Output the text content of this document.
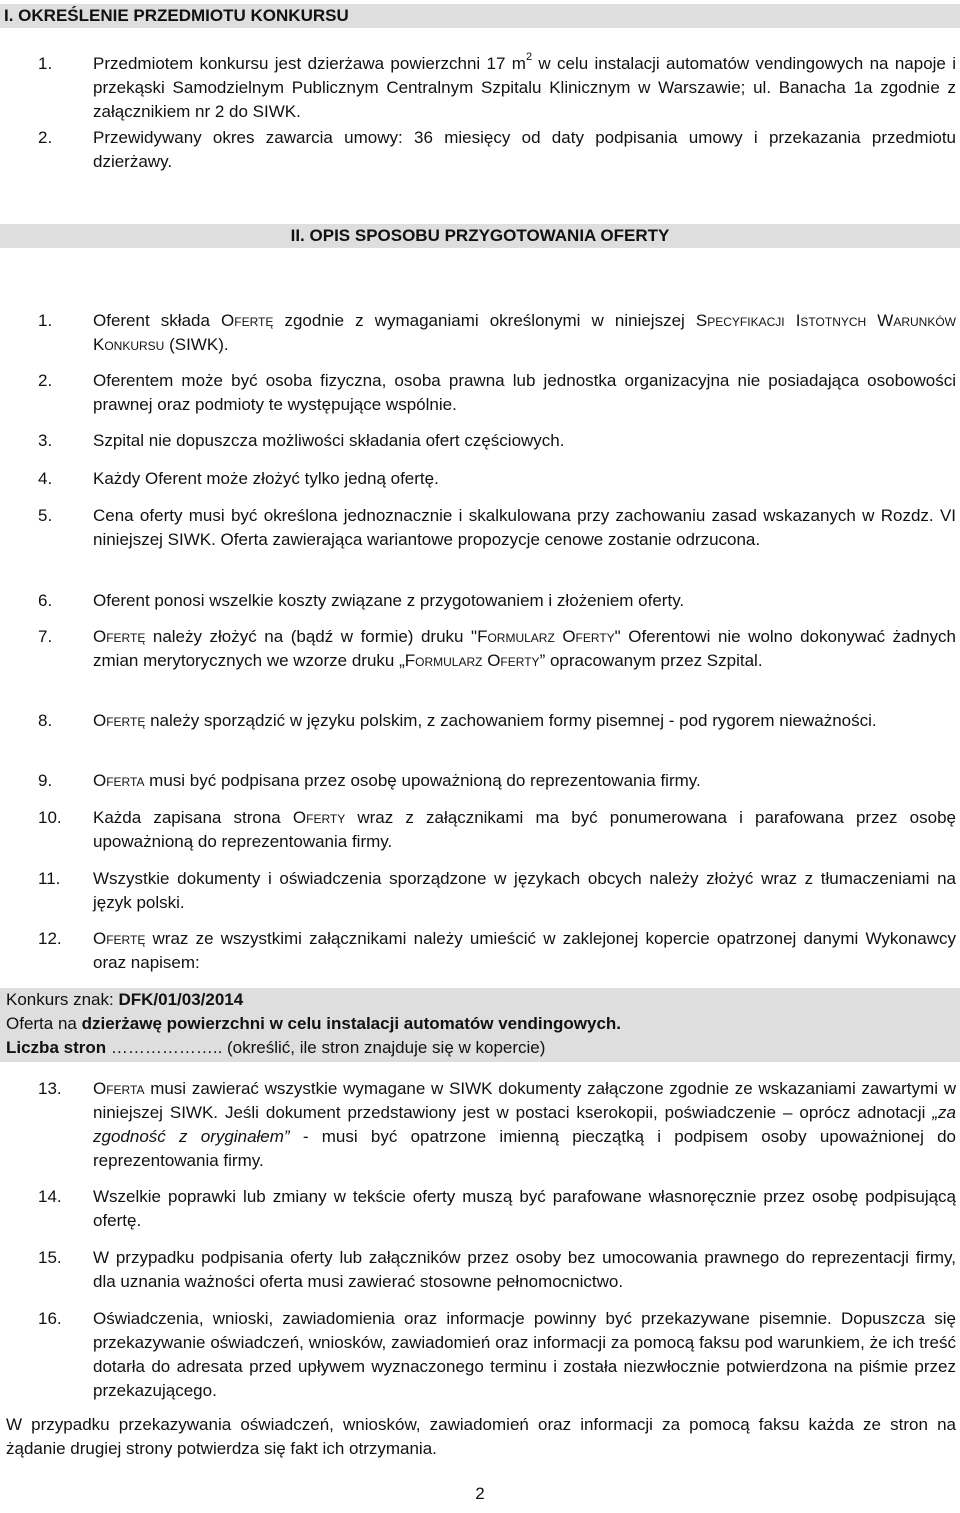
I. OKREŚLENIE PRZEDMIOTU KONKURSU
1. Przedmiotem konkursu jest dzierżawa powierzchni 17 $m^2$ w celu instalacji automatów vendingowych na napoje i przekąski Samodzielnym Publicznym Centralnym Szpitalu Klinicznym w Warszawie; ul. Banacha 1a zgodnie z załącznikiem nr 2 do SIWK.
2. Przewidywany okres zawarcia umowy: 36 miesięcy od daty podpisania umowy i przekazania przedmiotu dzierżawy.
II. OPIS SPOSOBU PRZYGOTOWANIA OFERTY
1. Oferent składa Ofertę zgodnie z wymaganiami określonymi w niniejszej Specyfikacji Istotnych Warunków Konkursu (SIWK).
2. Oferentem może być osoba fizyczna, osoba prawna lub jednostka organizacyjna nie posiadająca osobowości prawnej oraz podmioty te występujące wspólnie.
3. Szpital nie dopuszcza możliwości składania ofert częściowych.
4. Każdy Oferent może złożyć tylko jedną ofertę.
5. Cena oferty musi być określona jednoznacznie i skalkulowana przy zachowaniu zasad wskazanych w Rozdz. VI niniejszej SIWK. Oferta zawierająca wariantowe propozycje cenowe zostanie odrzucona.
6. Oferent ponosi wszelkie koszty związane z przygotowaniem i złożeniem oferty.
7. Ofertę należy złożyć na (bądź w formie) druku "Formularz Oferty" Oferentowi nie wolno dokonywać żadnych zmian merytorycznych we wzorze druku „Formularz Oferty” opracowanym przez Szpital.
8. Ofertę należy sporządzić w języku polskim, z zachowaniem formy pisemnej - pod rygorem nieważności.
9. Oferta musi być podpisana przez osobę upoważnioną do reprezentowania firmy.
10. Każda zapisana strona Oferty wraz z załącznikami ma być ponumerowana i parafowana przez osobę upoważnioną do reprezentowania firmy.
11. Wszystkie dokumenty i oświadczenia sporządzone w językach obcych należy złożyć wraz z tłumaczeniami na język polski.
12. Ofertę wraz ze wszystkimi załącznikami należy umieścić w zaklejonej kopercie opatrzonej danymi Wykonawcy oraz napisem:
Konkurs znak: DFK/01/03/2014
Oferta na dzierżawę powierzchni w celu instalacji automatów vendingowych.
Liczba stron ……………….. (określić, ile stron znajduje się w kopercie)
13. Oferta musi zawierać wszystkie wymagane w SIWK dokumenty załączone zgodnie ze wskazaniami zawartymi w niniejszej SIWK. Jeśli dokument przedstawiony jest w postaci kserokopii, poświadczenie – oprócz adnotacji „za zgodność z oryginałem” - musi być opatrzone imienną pieczątką i podpisem osoby upoważnionej do reprezentowania firmy.
14. Wszelkie poprawki lub zmiany w tekście oferty muszą być parafowane własnoręcznie przez osobę podpisującą ofertę.
15. W przypadku podpisania oferty lub załączników przez osoby bez umocowania prawnego do reprezentacji firmy, dla uznania ważności oferta musi zawierać stosowne pełnomocnictwo.
16. Oświadczenia, wnioski, zawiadomienia oraz informacje powinny być przekazywane pisemnie. Dopuszcza się przekazywanie oświadczeń, wniosków, zawiadomień oraz informacji za pomocą faksu pod warunkiem, że ich treść dotarła do adresata przed upływem wyznaczonego terminu i została niezwłocznie potwierdzona na piśmie przez przekazującego.
W przypadku przekazywania oświadczeń, wniosków, zawiadomień oraz informacji za pomocą faksu każda ze stron na żądanie drugiej strony potwierdza się fakt ich otrzymania.
2
